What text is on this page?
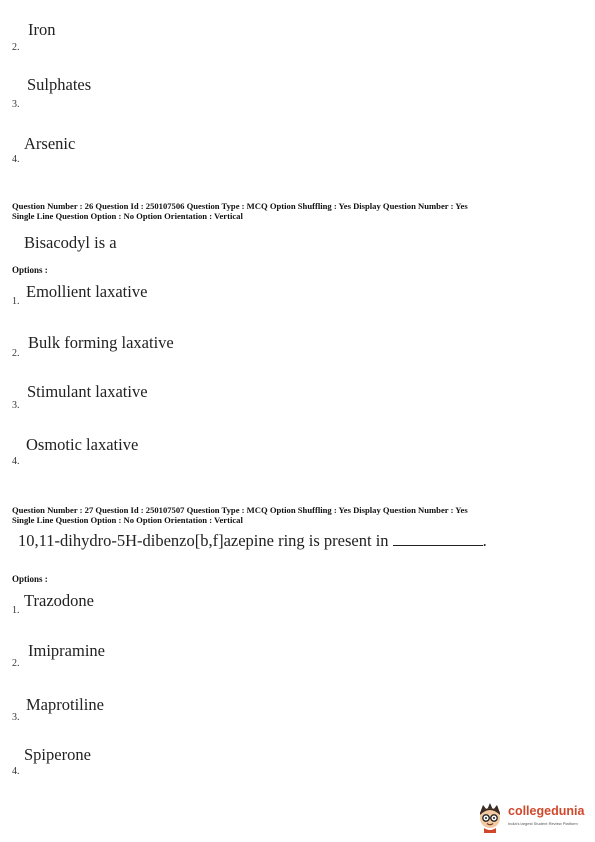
Iron
2.
Sulphates
3.
Arsenic
4.
Question Number : 26 Question Id : 250107506 Question Type : MCQ Option Shuffling : Yes Display Question Number : Yes
Single Line Question Option : No Option Orientation : Vertical
Bisacodyl is a
Options :
1.
Emollient laxative
2.
Bulk forming laxative
3.
Stimulant laxative
4.
Osmotic laxative
Question Number : 27 Question Id : 250107507 Question Type : MCQ Option Shuffling : Yes Display Question Number : Yes
Single Line Question Option : No Option Orientation : Vertical
10,11-dihydro-5H-dibenzo[b,f]azepine ring is present in	.
Options :
1.
Trazodone
2.
Imipramine
3.
Maprotiline
4.
Spiperone
collegedunia
India's largest Student Review Platform
